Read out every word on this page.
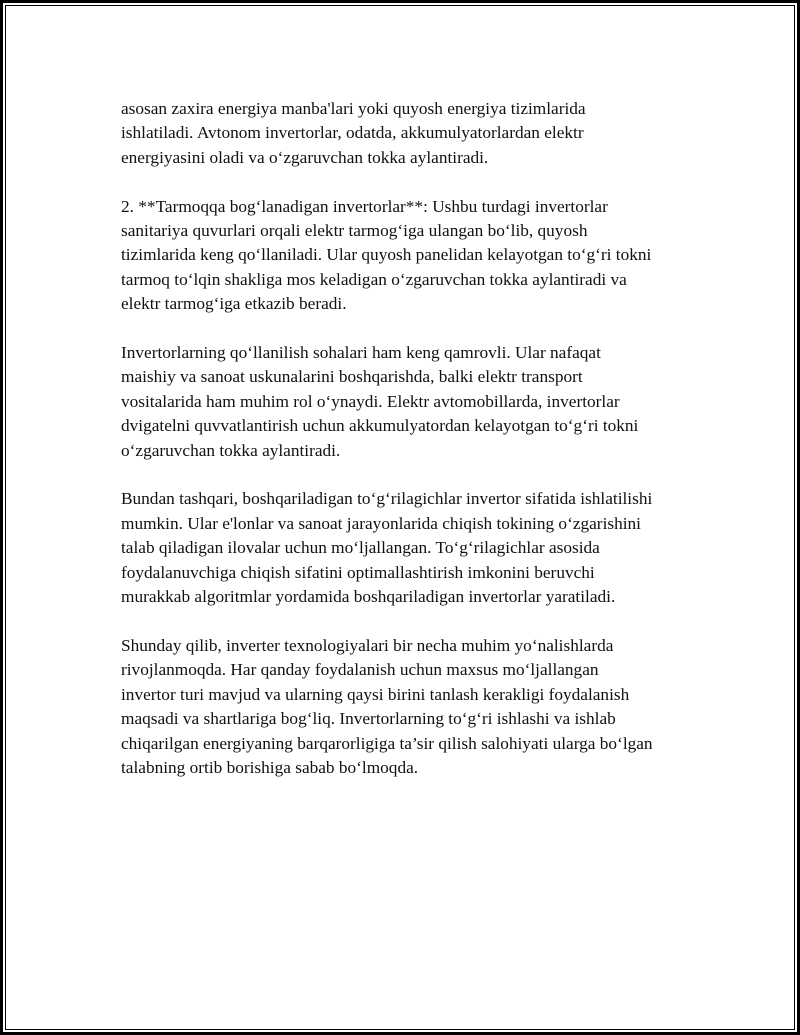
asosan zaxira energiya manba'lari yoki quyosh energiya tizimlarida
ishlatiladi. Avtonom invertorlar, odatda, akkumulyatorlardan elektr
energiyasini oladi va o‘zgaruvchan tokka aylantiradi.

2. **Tarmoqqa bog‘lanadigan invertorlar**: Ushbu turdagi invertorlar
sanitariya quvurlari orqali elektr tarmog‘iga ulangan bo‘lib, quyosh
tizimlarida keng qo‘llaniladi. Ular quyosh panelidan kelayotgan to‘g‘ri tokni
tarmoq to‘lqin shakliga mos keladigan o‘zgaruvchan tokka aylantiradi va
elektr tarmog‘iga etkazib beradi.

Invertorlarning qo‘llanilish sohalari ham keng qamrovli. Ular nafaqat
maishiy va sanoat uskunalarini boshqarishda, balki elektr transport
vositalarida ham muhim rol o‘ynaydi. Elektr avtomobillarda, invertorlar
dvigatelni quvvatlantirish uchun akkumulyatordan kelayotgan to‘g‘ri tokni
o‘zgaruvchan tokka aylantiradi.

Bundan tashqari, boshqariladigan to‘g‘rilagichlar invertor sifatida ishlatilishi
mumkin. Ular e'lonlar va sanoat jarayonlarida chiqish tokining o‘zgarishini
talab qiladigan ilovalar uchun mo‘ljallangan. To‘g‘rilagichlar asosida
foydalanuvchiga chiqish sifatini optimallashtirish imkonini beruvchi
murakkab algoritmlar yordamida boshqariladigan invertorlar yaratiladi.

Shunday qilib, inverter texnologiyalari bir necha muhim yo‘nalishlarda
rivojlanmoqda. Har qanday foydalanish uchun maxsus mo‘ljallangan
invertor turi mavjud va ularning qaysi birini tanlash kerakligi foydalanish
maqsadi va shartlariga bog‘liq. Invertorlarning to‘g‘ri ishlashi va ishlab
chiqarilgan energiyaning barqarorligiga ta’sir qilish salohiyati ularga bo‘lgan
talabning ortib borishiga sabab bo‘lmoqda.
